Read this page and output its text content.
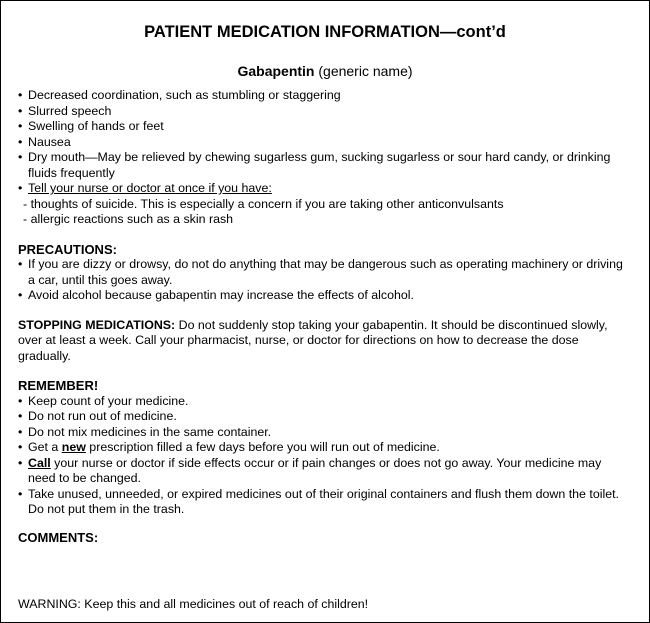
PATIENT MEDICATION INFORMATION—cont’d
Gabapentin (generic name)
• Decreased coordination, such as stumbling or staggering
• Slurred speech
• Swelling of hands or feet
• Nausea
• Dry mouth—May be relieved by chewing sugarless gum, sucking sugarless or sour hard candy, or drinking fluids frequently
• Tell your nurse or doctor at once if you have:
- thoughts of suicide. This is especially a concern if you are taking other anticonvulsants
- allergic reactions such as a skin rash
PRECAUTIONS:
• If you are dizzy or drowsy, do not do anything that may be dangerous such as operating machinery or driving a car, until this goes away.
• Avoid alcohol because gabapentin may increase the effects of alcohol.
STOPPING MEDICATIONS: Do not suddenly stop taking your gabapentin. It should be discontinued slowly, over at least a week. Call your pharmacist, nurse, or doctor for directions on how to decrease the dose gradually.
REMEMBER!
• Keep count of your medicine.
• Do not run out of medicine.
• Do not mix medicines in the same container.
• Get a new prescription filled a few days before you will run out of medicine.
• Call your nurse or doctor if side effects occur or if pain changes or does not go away. Your medicine may need to be changed.
• Take unused, unneeded, or expired medicines out of their original containers and flush them down the toilet. Do not put them in the trash.
COMMENTS:
WARNING: Keep this and all medicines out of reach of children!
